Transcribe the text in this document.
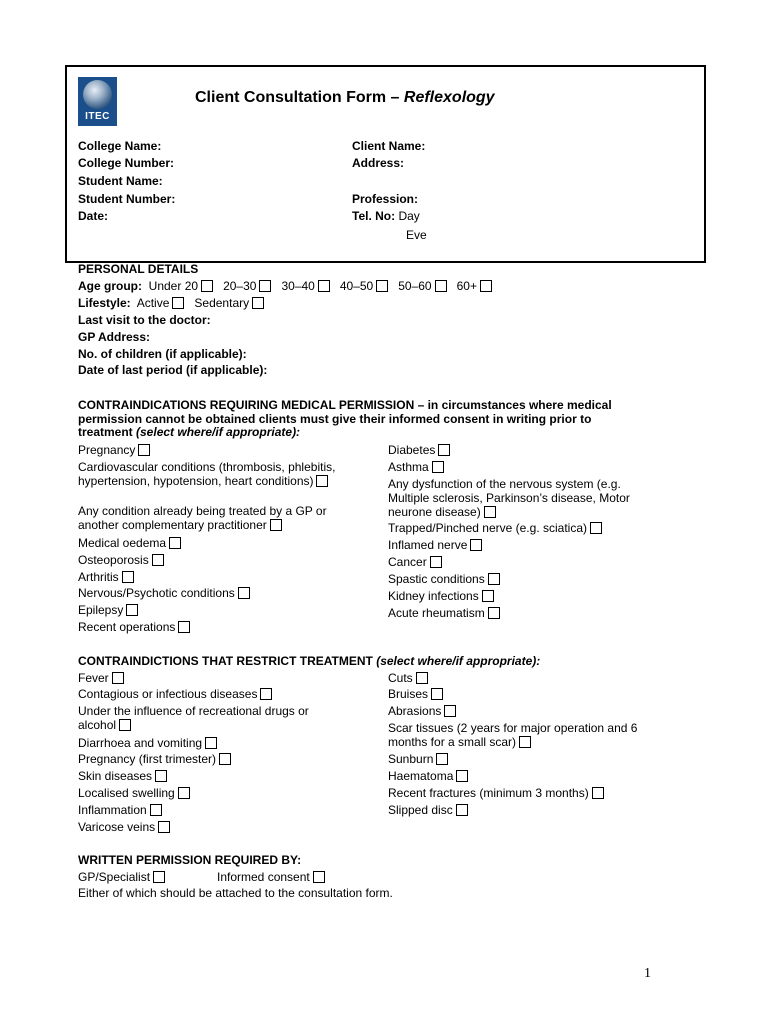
ITEC
Client Consultation Form – Reflexology
College Name:
College Number:
Student Name:
Student Number:
Date:
Client Name:
Address:
Profession:
Tel. No: Day
Eve
PERSONAL DETAILS
Age group: Under 20 20–30 30–40 40–50 50–60 60+
Lifestyle: Active Sedentary
Last visit to the doctor:
GP Address:
No. of children (if applicable):
Date of last period (if applicable):
CONTRAINDICATIONS REQUIRING MEDICAL PERMISSION – in circumstances where medical
permission cannot be obtained clients must give their informed consent in writing prior to
treatment (select where/if appropriate):
Pregnancy
Cardiovascular conditions (thrombosis, phlebitis, hypertension, hypotension, heart conditions)
Any condition already being treated by a GP or another complementary practitioner
Medical oedema
Osteoporosis
Arthritis
Nervous/Psychotic conditions
Epilepsy
Recent operations
Diabetes
Asthma
Any dysfunction of the nervous system (e.g. Multiple sclerosis, Parkinson’s disease, Motor neurone disease)
Trapped/Pinched nerve (e.g. sciatica)
Inflamed nerve
Cancer
Spastic conditions
Kidney infections
Acute rheumatism
CONTRAINDICTIONS THAT RESTRICT TREATMENT (select where/if appropriate):
Fever
Contagious or infectious diseases
Under the influence of recreational drugs or alcohol
Diarrhoea and vomiting
Pregnancy (first trimester)
Skin diseases
Localised swelling
Inflammation
Varicose veins
Cuts
Bruises
Abrasions
Scar tissues (2 years for major operation and 6 months for a small scar)
Sunburn
Haematoma
Recent fractures (minimum 3 months)
Slipped disc
WRITTEN PERMISSION REQUIRED BY:
GP/Specialist	Informed consent
Either of which should be attached to the consultation form.
1
